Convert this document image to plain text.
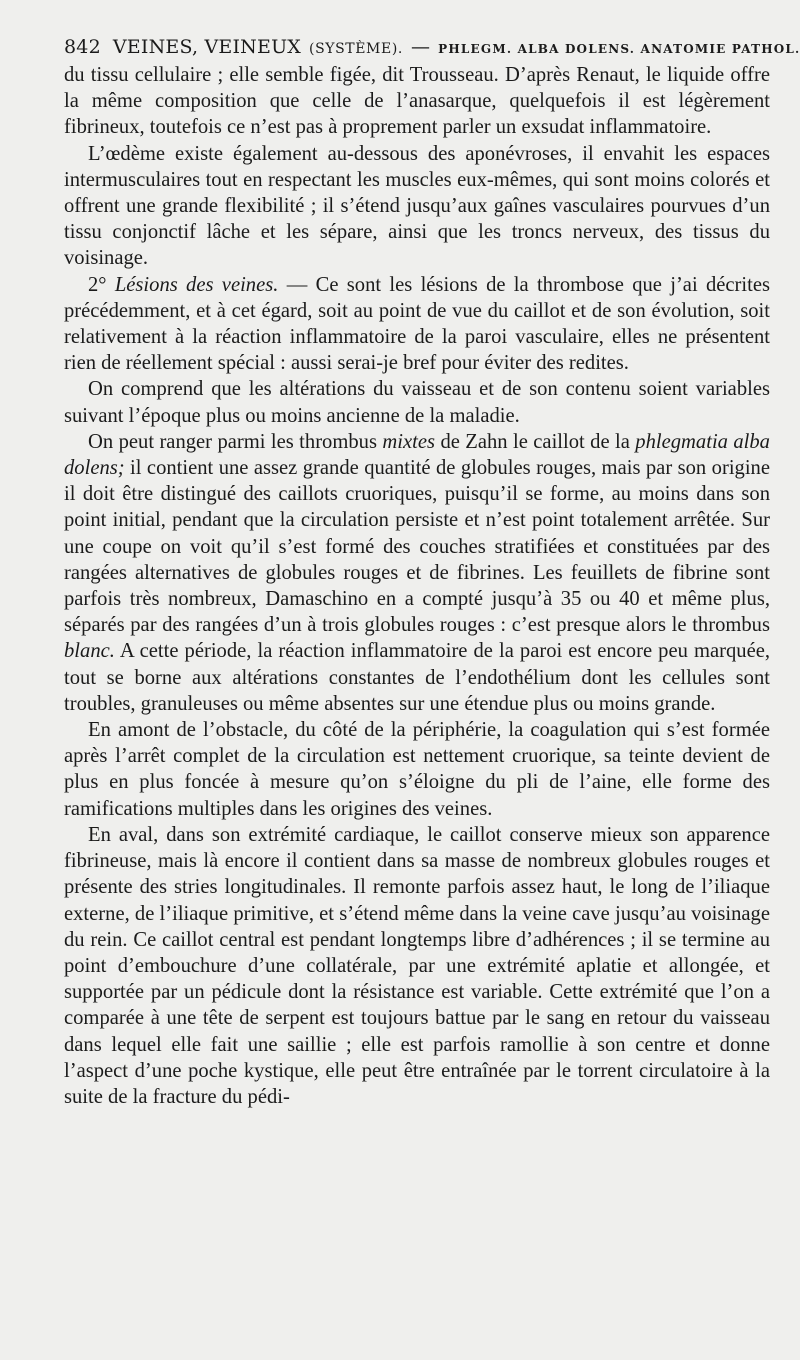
842 VEINES, VEINEUX (SYSTÈME). — PHLEGM. ALBA DOLENS. ANATOMIE PATHOL.

du tissu cellulaire ; elle semble figée, dit Trousseau. D’après Renaut, le liquide offre la même composition que celle de l’anasarque, quelquefois il est légèrement fibrineux, toutefois ce n’est pas à proprement parler un exsudat inflammatoire.

L’œdème existe également au-dessous des aponévroses, il envahit les espaces intermusculaires tout en respectant les muscles eux-mêmes, qui sont moins colorés et offrent une grande flexibilité ; il s’étend jusqu’aux gaînes vasculaires pourvues d’un tissu conjonctif lâche et les sépare, ainsi que les troncs nerveux, des tissus du voisinage.

2° Lésions des veines. — Ce sont les lésions de la thrombose que j’ai décrites précédemment, et à cet égard, soit au point de vue du caillot et de son évolution, soit relativement à la réaction inflammatoire de la paroi vasculaire, elles ne présentent rien de réellement spécial : aussi serai-je bref pour éviter des redites.

On comprend que les altérations du vaisseau et de son contenu soient variables suivant l’époque plus ou moins ancienne de la maladie.

On peut ranger parmi les thrombus mixtes de Zahn le caillot de la phlegmatia alba dolens; il contient une assez grande quantité de globules rouges, mais par son origine il doit être distingué des caillots cruoriques, puisqu’il se forme, au moins dans son point initial, pendant que la circulation persiste et n’est point totalement arrêtée. Sur une coupe on voit qu’il s’est formé des couches stratifiées et constituées par des rangées alternatives de globules rouges et de fibrines. Les feuillets de fibrine sont parfois très nombreux, Damaschino en a compté jusqu’à 35 ou 40 et même plus, séparés par des rangées d’un à trois globules rouges : c’est presque alors le thrombus blanc. A cette période, la réaction inflammatoire de la paroi est encore peu marquée, tout se borne aux altérations constantes de l’endothélium dont les cellules sont troubles, granuleuses ou même absentes sur une étendue plus ou moins grande.

En amont de l’obstacle, du côté de la périphérie, la coagulation qui s’est formée après l’arrêt complet de la circulation est nettement cruorique, sa teinte devient de plus en plus foncée à mesure qu’on s’éloigne du pli de l’aine, elle forme des ramifications multiples dans les origines des veines.

En aval, dans son extrémité cardiaque, le caillot conserve mieux son apparence fibrineuse, mais là encore il contient dans sa masse de nombreux globules rouges et présente des stries longitudinales. Il remonte parfois assez haut, le long de l’iliaque externe, de l’iliaque primitive, et s’étend même dans la veine cave jusqu’au voisinage du rein. Ce caillot central est pendant longtemps libre d’adhérences ; il se termine au point d’embouchure d’une collatérale, par une extrémité aplatie et allongée, et supportée par un pédicule dont la résistance est variable. Cette extrémité que l’on a comparée à une tête de serpent est toujours battue par le sang en retour du vaisseau dans lequel elle fait une saillie ; elle est parfois ramollie à son centre et donne l’aspect d’une poche kystique, elle peut être entraînée par le torrent circulatoire à la suite de la fracture du pédi-
